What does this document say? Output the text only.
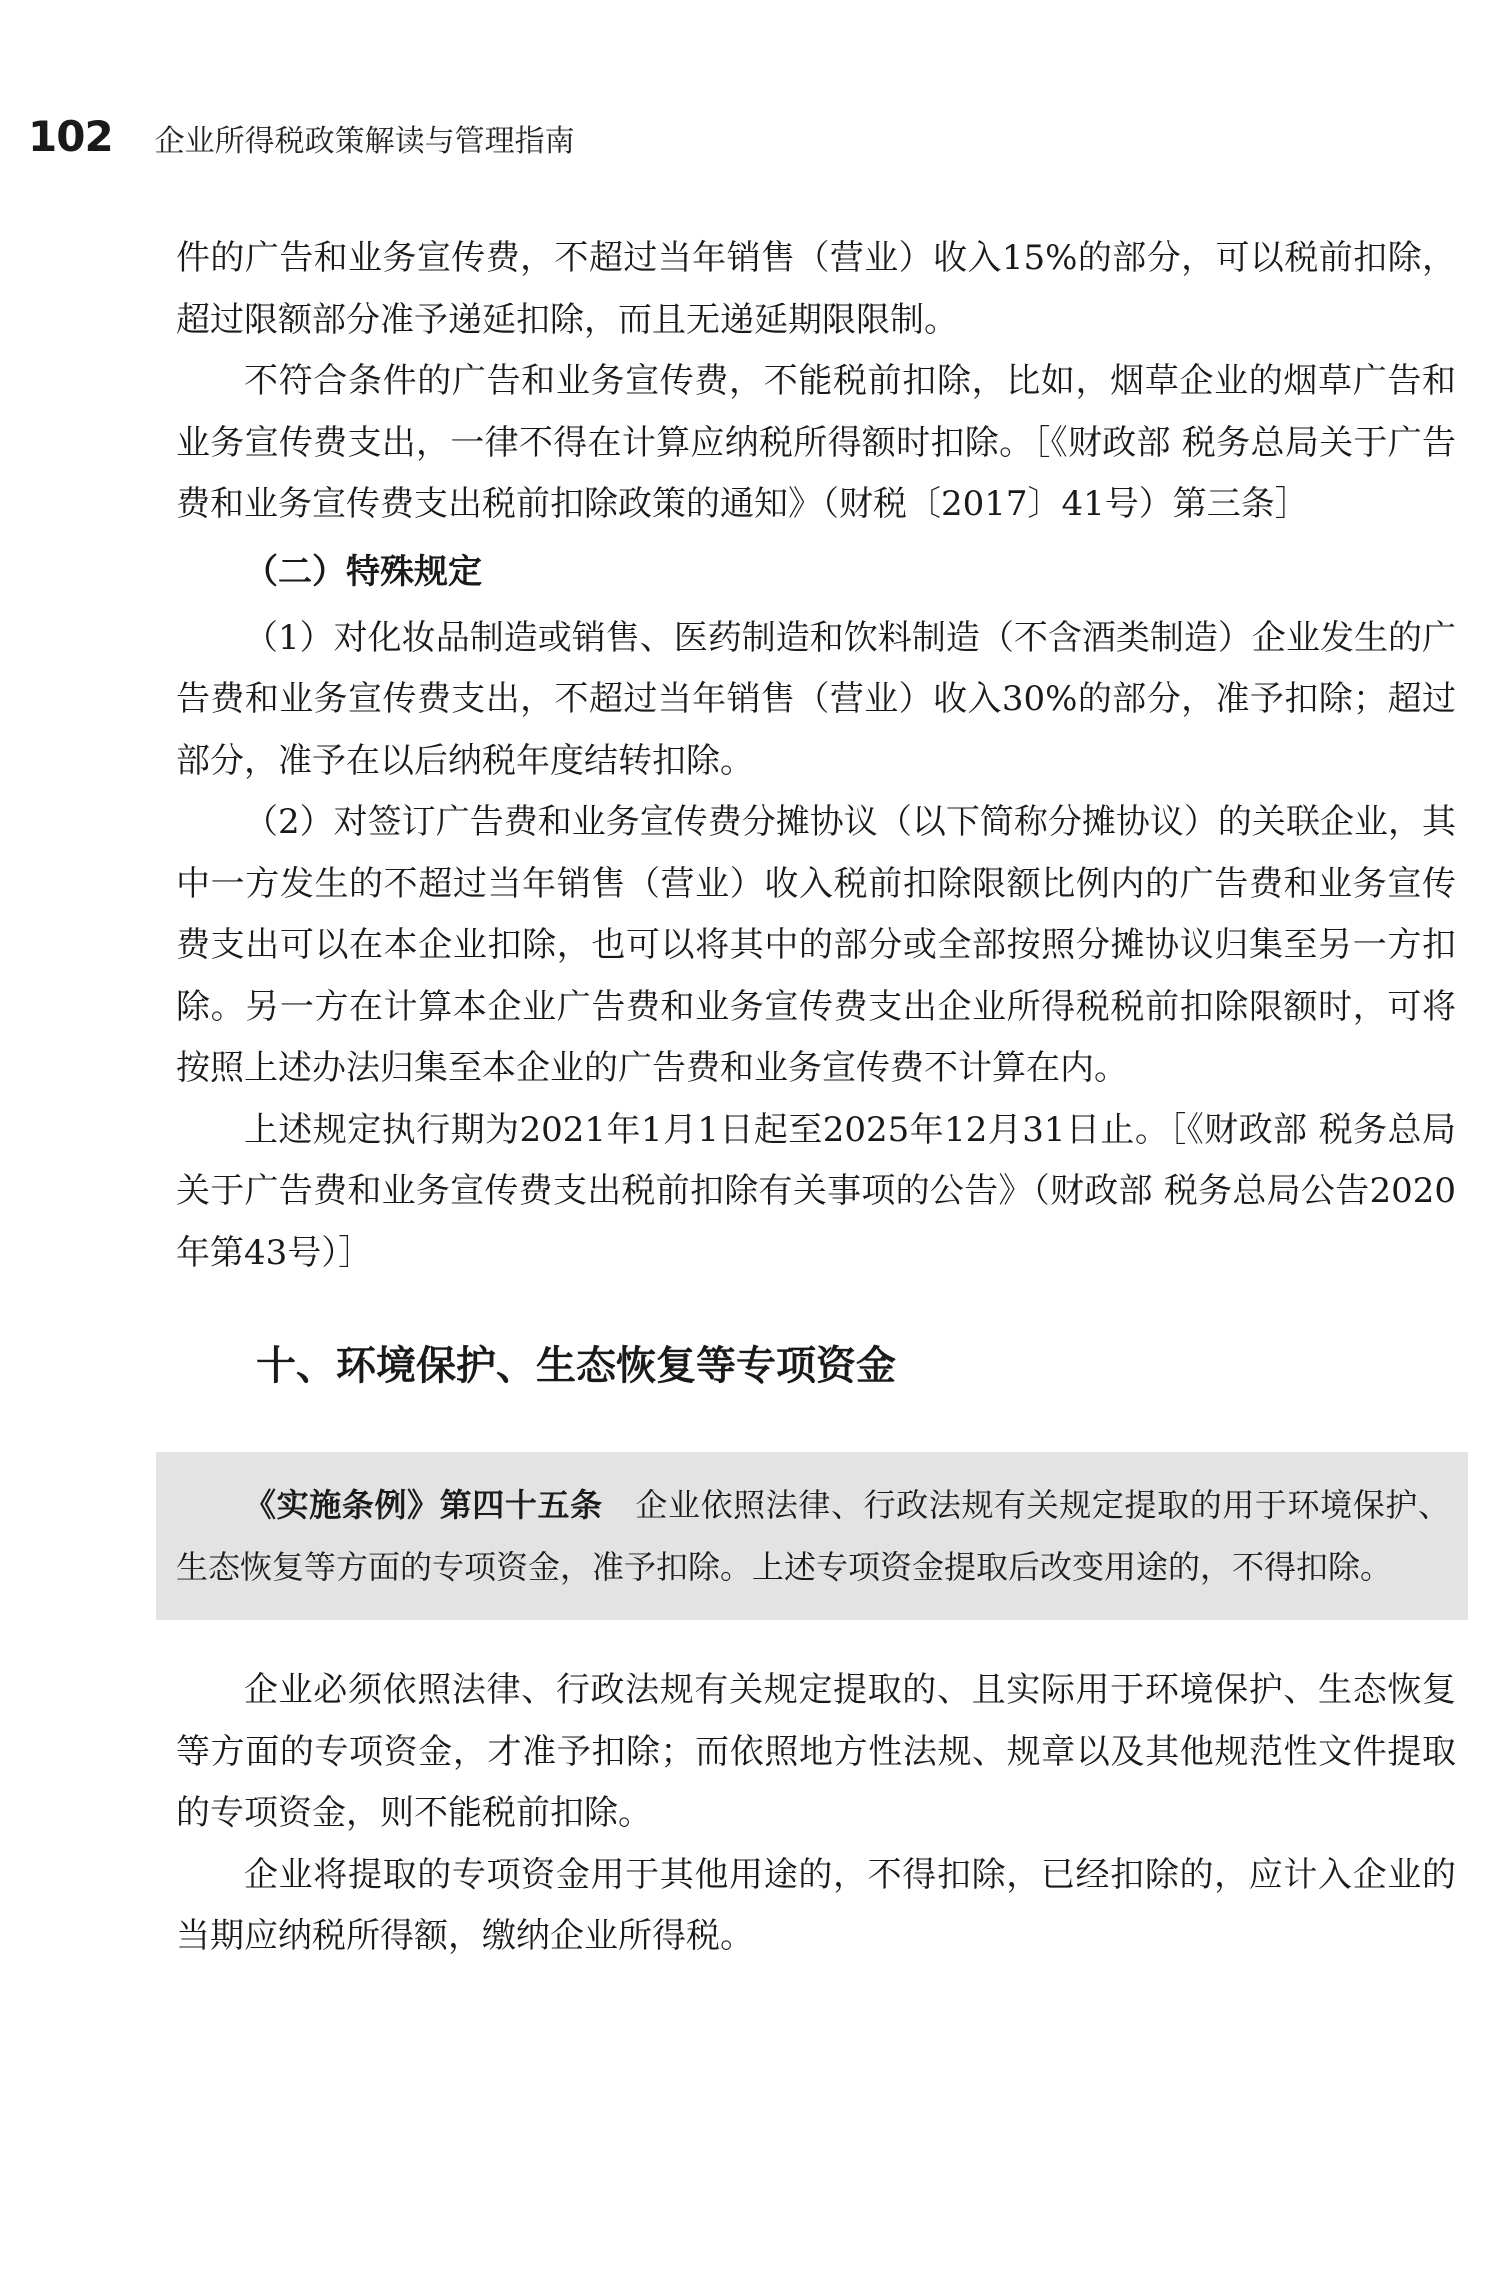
102 企业所得税政策解读与管理指南

件的广告和业务宣传费，不超过当年销售（营业）收入15%的部分，可以税前扣除，超过限额部分准予递延扣除，而且无递延期限限制。

不符合条件的广告和业务宣传费，不能税前扣除，比如，烟草企业的烟草广告和业务宣传费支出，一律不得在计算应纳税所得额时扣除。［《财政部 税务总局关于广告费和业务宣传费支出税前扣除政策的通知》（财税〔2017〕41号）第三条］

（二）特殊规定

（1）对化妆品制造或销售、医药制造和饮料制造（不含酒类制造）企业发生的广告费和业务宣传费支出，不超过当年销售（营业）收入30%的部分，准予扣除；超过部分，准予在以后纳税年度结转扣除。

（2）对签订广告费和业务宣传费分摊协议（以下简称分摊协议）的关联企业，其中一方发生的不超过当年销售（营业）收入税前扣除限额比例内的广告费和业务宣传费支出可以在本企业扣除，也可以将其中的部分或全部按照分摊协议归集至另一方扣除。另一方在计算本企业广告费和业务宣传费支出企业所得税税前扣除限额时，可将按照上述办法归集至本企业的广告费和业务宣传费不计算在内。

上述规定执行期为2021年1月1日起至2025年12月31日止。［《财政部 税务总局关于广告费和业务宣传费支出税前扣除有关事项的公告》（财政部 税务总局公告2020年第43号）］

十、环境保护、生态恢复等专项资金

《实施条例》第四十五条　 企业依照法律、行政法规有关规定提取的用于环境保护、生态恢复等方面的专项资金，准予扣除。上述专项资金提取后改变用途的，不得扣除。

企业必须依照法律、行政法规有关规定提取的、且实际用于环境保护、生态恢复等方面的专项资金，才准予扣除；而依照地方性法规、规章以及其他规范性文件提取的专项资金，则不能税前扣除。

企业将提取的专项资金用于其他用途的，不得扣除，已经扣除的，应计入企业的当期应纳税所得额，缴纳企业所得税。
